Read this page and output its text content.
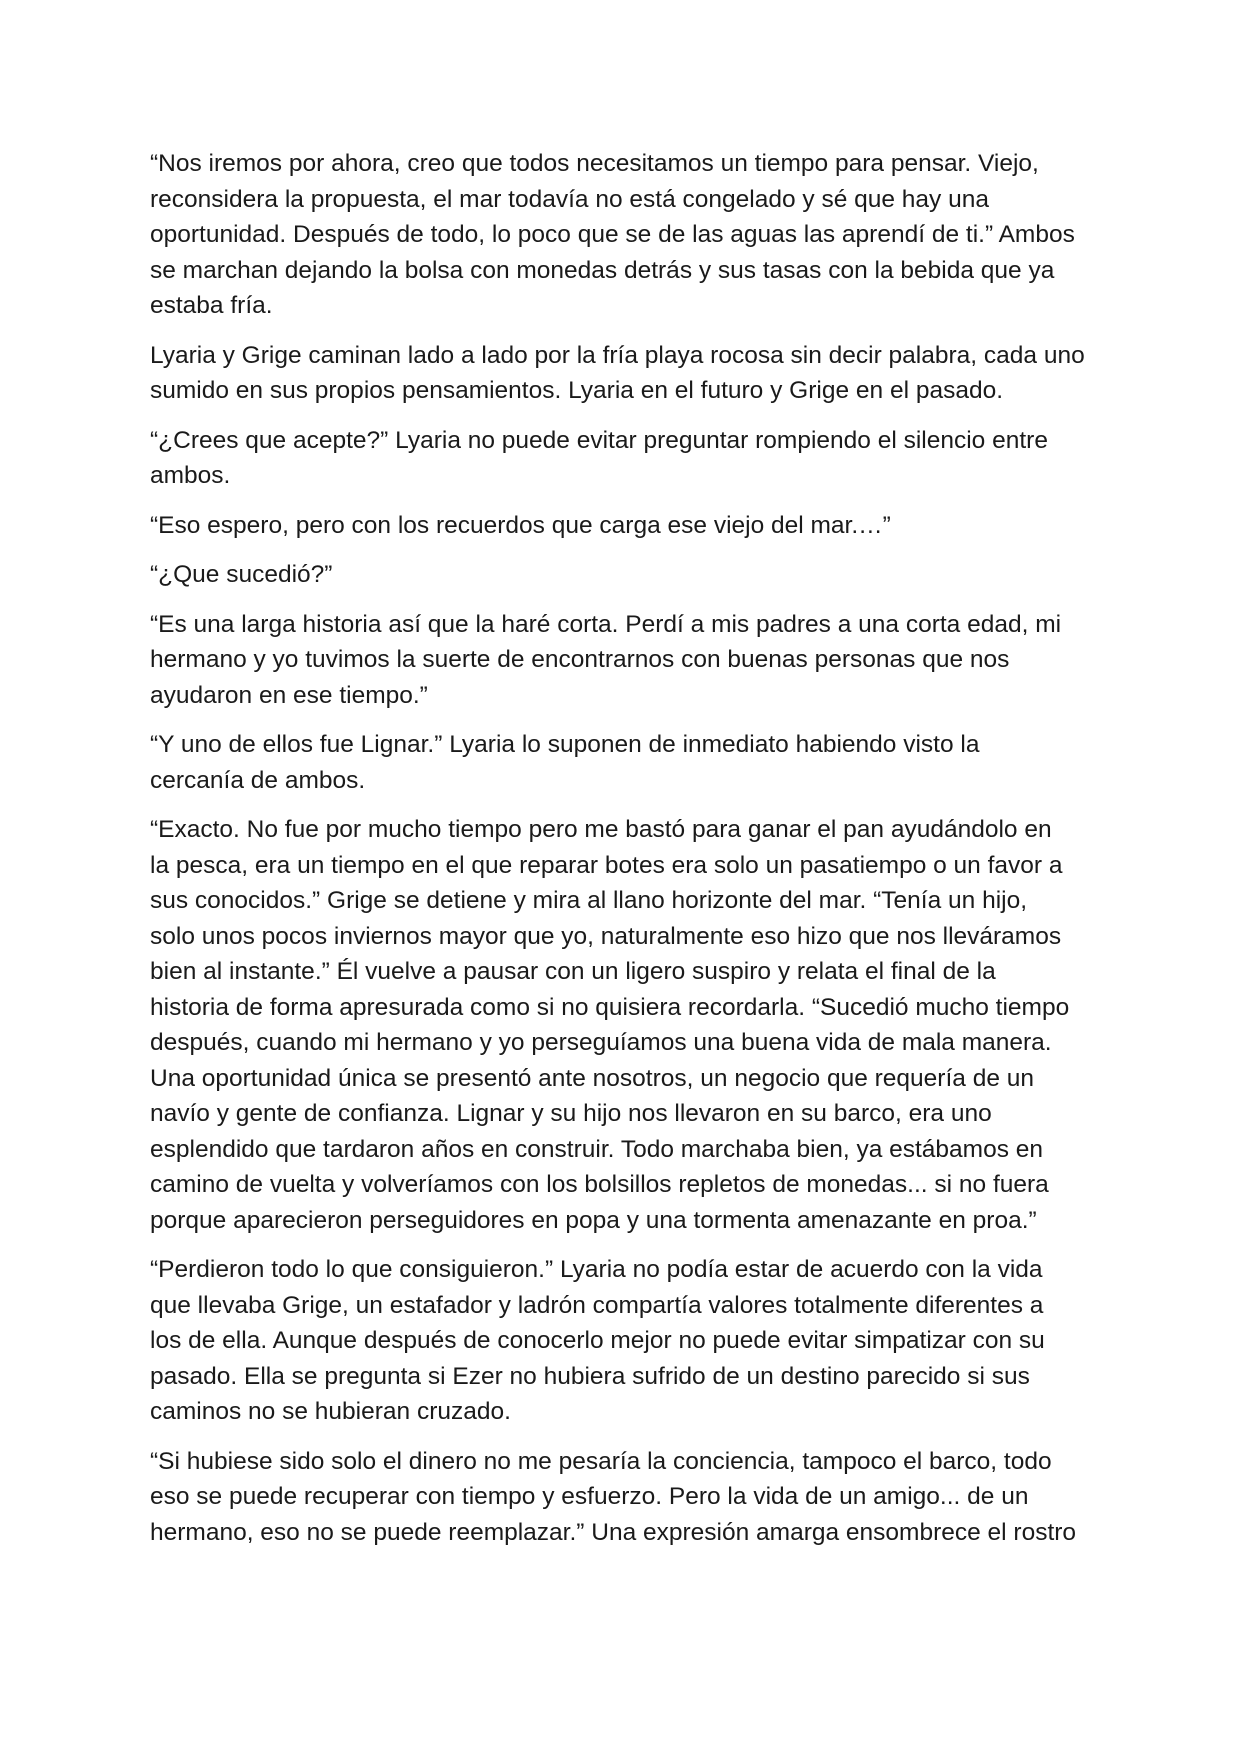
“Nos iremos por ahora, creo que todos necesitamos un tiempo para pensar. Viejo,
reconsidera la propuesta, el mar todavía no está congelado y sé que hay una
oportunidad. Después de todo, lo poco que se de las aguas las aprendí de ti.” Ambos
se marchan dejando la bolsa con monedas detrás y sus tasas con la bebida que ya
estaba fría.

Lyaria y Grige caminan lado a lado por la fría playa rocosa sin decir palabra, cada uno
sumido en sus propios pensamientos. Lyaria en el futuro y Grige en el pasado.

“¿Crees que acepte?” Lyaria no puede evitar preguntar rompiendo el silencio entre
ambos.

“Eso espero, pero con los recuerdos que carga ese viejo del mar.…”

“¿Que sucedió?”

“Es una larga historia así que la haré corta. Perdí a mis padres a una corta edad, mi
hermano y yo tuvimos la suerte de encontrarnos con buenas personas que nos
ayudaron en ese tiempo.”

“Y uno de ellos fue Lignar.” Lyaria lo suponen de inmediato habiendo visto la
cercanía de ambos.

“Exacto. No fue por mucho tiempo pero me bastó para ganar el pan ayudándolo en
la pesca, era un tiempo en el que reparar botes era solo un pasatiempo o un favor a
sus conocidos.” Grige se detiene y mira al llano horizonte del mar. “Tenía un hijo,
solo unos pocos inviernos mayor que yo, naturalmente eso hizo que nos lleváramos
bien al instante.” Él vuelve a pausar con un ligero suspiro y relata el final de la
historia de forma apresurada como si no quisiera recordarla. “Sucedió mucho tiempo
después, cuando mi hermano y yo perseguíamos una buena vida de mala manera.
Una oportunidad única se presentó ante nosotros, un negocio que requería de un
navío y gente de confianza. Lignar y su hijo nos llevaron en su barco, era uno
esplendido que tardaron años en construir. Todo marchaba bien, ya estábamos en
camino de vuelta y volveríamos con los bolsillos repletos de monedas... si no fuera
porque aparecieron perseguidores en popa y una tormenta amenazante en proa.”

“Perdieron todo lo que consiguieron.” Lyaria no podía estar de acuerdo con la vida
que llevaba Grige, un estafador y ladrón compartía valores totalmente diferentes a
los de ella. Aunque después de conocerlo mejor no puede evitar simpatizar con su
pasado. Ella se pregunta si Ezer no hubiera sufrido de un destino parecido si sus
caminos no se hubieran cruzado.

“Si hubiese sido solo el dinero no me pesaría la conciencia, tampoco el barco, todo
eso se puede recuperar con tiempo y esfuerzo. Pero la vida de un amigo... de un
hermano, eso no se puede reemplazar.” Una expresión amarga ensombrece el rostro
